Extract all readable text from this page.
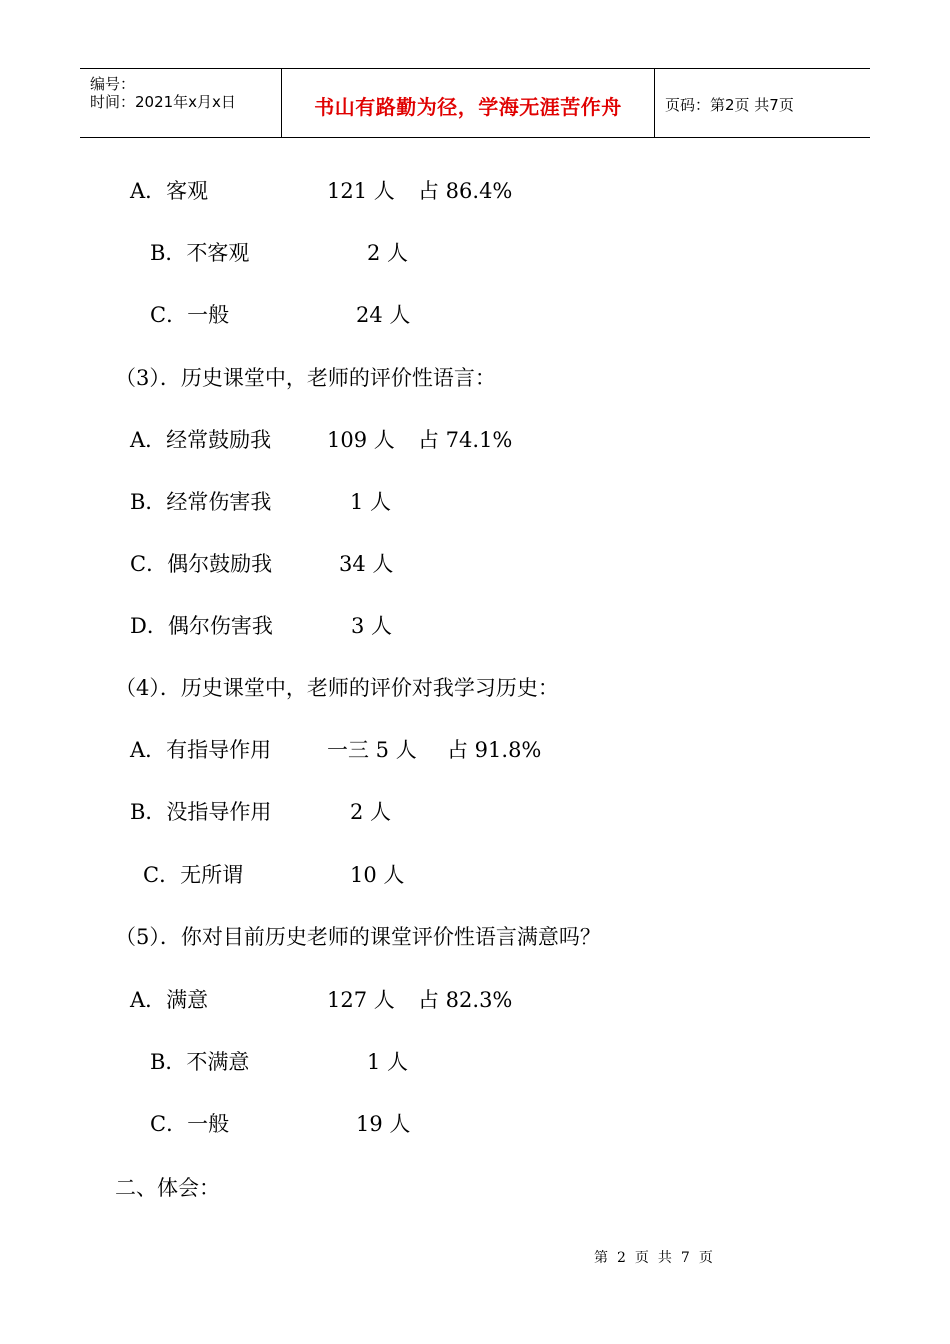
编号：
时间：2021年x月x日	书山有路勤为径，学海无涯苦作舟	页码：第2页 共7页
A．客观	121 人 占 86.4%
B．不客观	2 人
C．一般	24 人
（3）．历史课堂中，老师的评价性语言：
A．经常鼓励我	109 人 占 74.1%
B．经常伤害我	1 人
C．偶尔鼓励我	34 人
D．偶尔伤害我	3 人
（4）．历史课堂中，老师的评价对我学习历史：
A．有指导作用	一三 5 人 占 91.8%
B．没指导作用	2 人
C．无所谓	10 人
（5）．你对目前历史老师的课堂评价性语言满意吗？
A．满意	127 人 占 82.3%
B．不满意	1 人
C．一般	19 人
二、体会：
第 2 页 共 7 页
